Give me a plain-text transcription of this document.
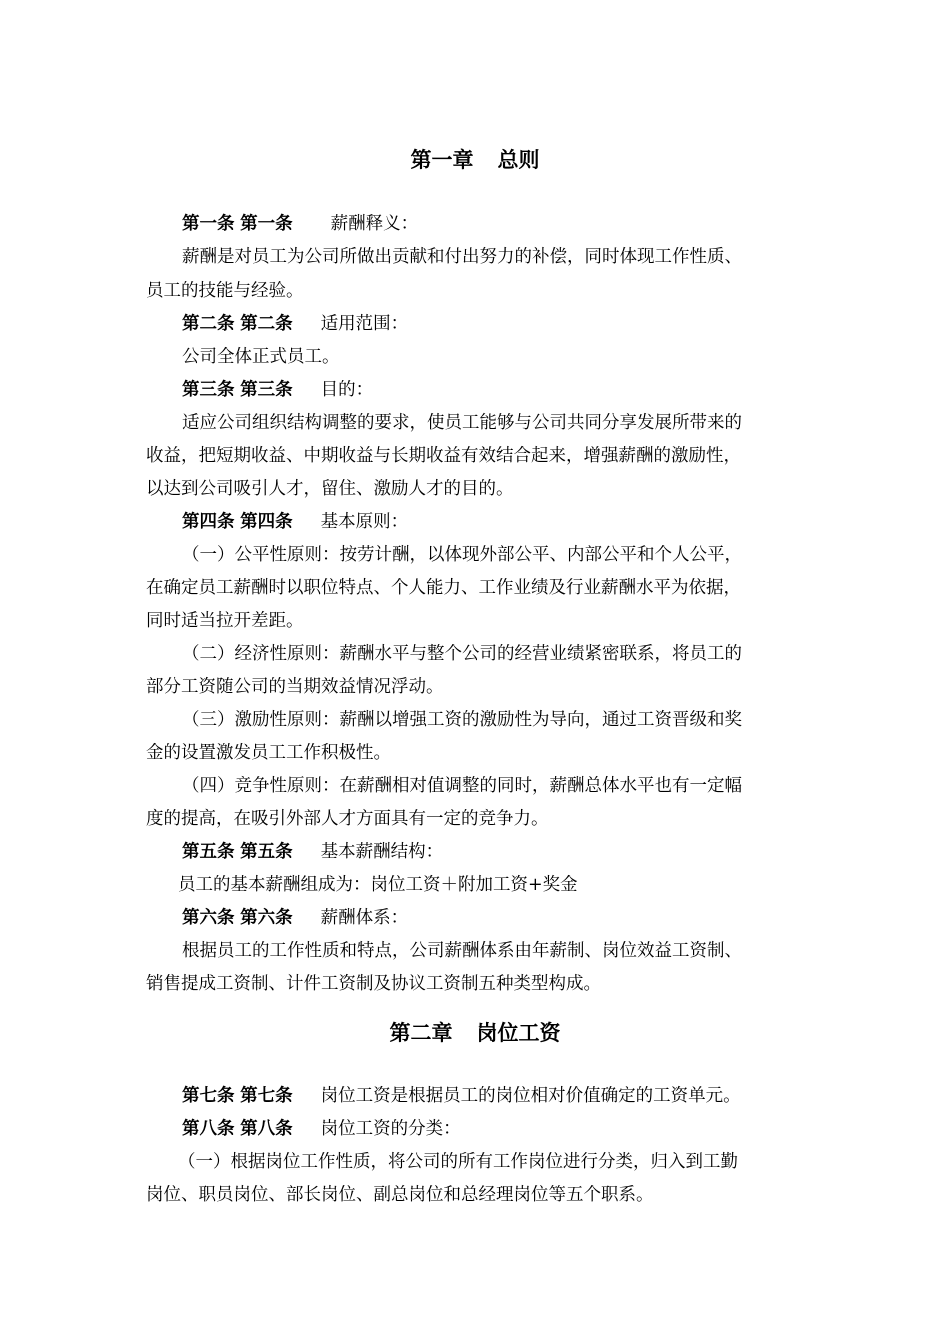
第一章 总则
第一条 第一条 薪酬释义：
薪酬是对员工为公司所做出贡献和付出努力的补偿，同时体现工作性质、
员工的技能与经验。
第二条 第二条 适用范围：
公司全体正式员工。
第三条 第三条 目的：
适应公司组织结构调整的要求，使员工能够与公司共同分享发展所带来的
收益，把短期收益、中期收益与长期收益有效结合起来，增强薪酬的激励性，
以达到公司吸引人才，留住、激励人才的目的。
第四条 第四条 基本原则：
（一）公平性原则：按劳计酬，以体现外部公平、内部公平和个人公平，
在确定员工薪酬时以职位特点、个人能力、工作业绩及行业薪酬水平为依据，
同时适当拉开差距。
（二）经济性原则：薪酬水平与整个公司的经营业绩紧密联系，将员工的
部分工资随公司的当期效益情况浮动。
（三）激励性原则：薪酬以增强工资的激励性为导向，通过工资晋级和奖
金的设置激发员工工作积极性。
（四）竞争性原则：在薪酬相对值调整的同时，薪酬总体水平也有一定幅
度的提高，在吸引外部人才方面具有一定的竞争力。
第五条 第五条 基本薪酬结构：
员工的基本薪酬组成为：岗位工资＋附加工资+奖金
第六条 第六条 薪酬体系：
根据员工的工作性质和特点，公司薪酬体系由年薪制、岗位效益工资制、
销售提成工资制、计件工资制及协议工资制五种类型构成。
第二章 岗位工资
第七条 第七条 岗位工资是根据员工的岗位相对价值确定的工资单元。
第八条 第八条 岗位工资的分类：
（一）根据岗位工作性质，将公司的所有工作岗位进行分类，归入到工勤
岗位、职员岗位、部长岗位、副总岗位和总经理岗位等五个职系。
